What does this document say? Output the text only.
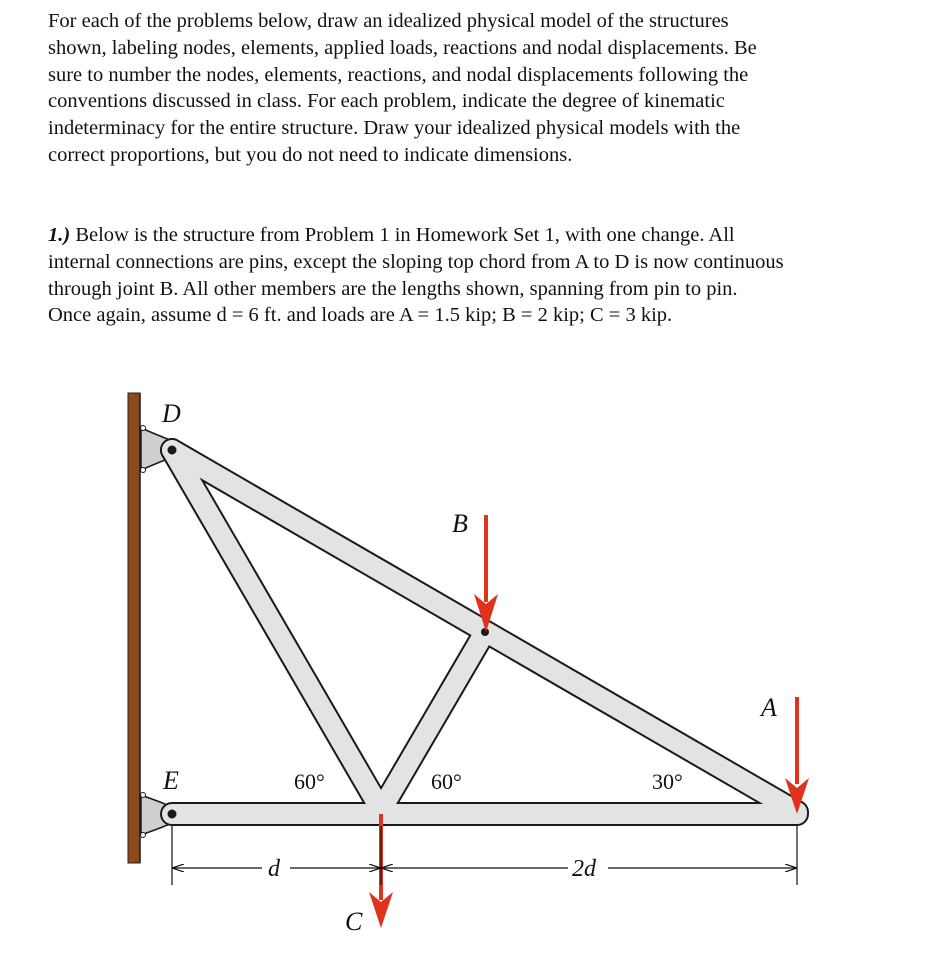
For each of the problems below, draw an idealized physical model of the structures
shown, labeling nodes, elements, applied loads, reactions and nodal displacements. Be
sure to number the nodes, elements, reactions, and nodal displacements following the
conventions discussed in class. For each problem, indicate the degree of kinematic
indeterminacy for the entire structure. Draw your idealized physical models with the
correct proportions, but you do not need to indicate dimensions.
1.) Below is the structure from Problem 1 in Homework Set 1, with one change. All
internal connections are pins, except the sloping top chord from A to D is now continuous
through joint B. All other members are the lengths shown, spanning from pin to pin.
Once again, assume d = 6 ft. and loads are A = 1.5 kip; B = 2 kip; C = 3 kip.
D
E
B
A
C
60°	60°	30°
d	2d
